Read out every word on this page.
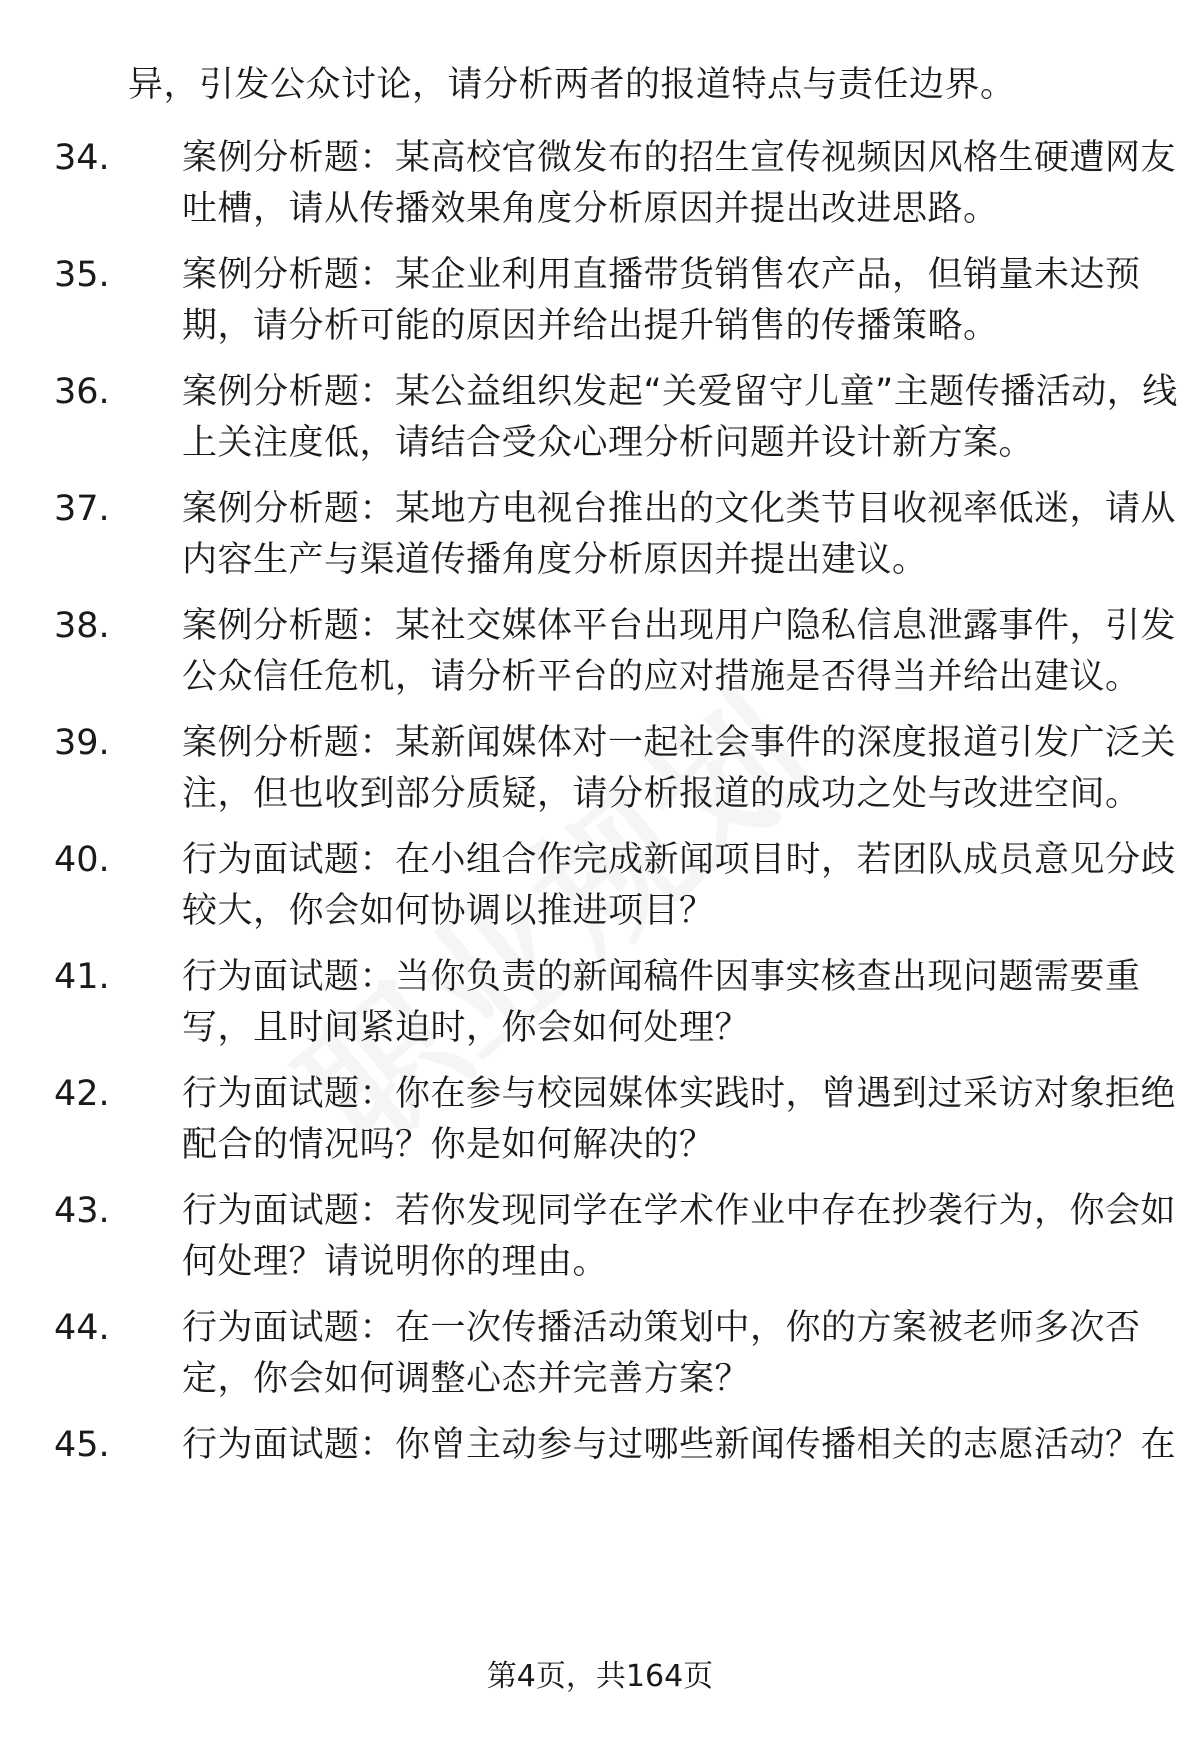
异，引发公众讨论，请分析两者的报道特点与责任边界。
34.	案例分析题：某高校官微发布的招生宣传视频因风格生硬遭网友吐槽，请从传播效果角度分析原因并提出改进思路。
35.	案例分析题：某企业利用直播带货销售农产品，但销量未达预期，请分析可能的原因并给出提升销售的传播策略。
36.	案例分析题：某公益组织发起“关爱留守儿童”主题传播活动，线上关注度低，请结合受众心理分析问题并设计新方案。
37.	案例分析题：某地方电视台推出的文化类节目收视率低迷，请从内容生产与渠道传播角度分析原因并提出建议。
38.	案例分析题：某社交媒体平台出现用户隐私信息泄露事件，引发公众信任危机，请分析平台的应对措施是否得当并给出建议。
39.	案例分析题：某新闻媒体对一起社会事件的深度报道引发广泛关注，但也收到部分质疑，请分析报道的成功之处与改进空间。
40.	行为面试题：在小组合作完成新闻项目时，若团队成员意见分歧较大，你会如何协调以推进项目？
41.	行为面试题：当你负责的新闻稿件因事实核查出现问题需要重写，且时间紧迫时，你会如何处理？
42.	行为面试题：你在参与校园媒体实践时，曾遇到过采访对象拒绝配合的情况吗？你是如何解决的？
43.	行为面试题：若你发现同学在学术作业中存在抄袭行为，你会如何处理？请说明你的理由。
44.	行为面试题：在一次传播活动策划中，你的方案被老师多次否定，你会如何调整心态并完善方案？
45.	行为面试题：你曾主动参与过哪些新闻传播相关的志愿活动？在
第4页，共164页
